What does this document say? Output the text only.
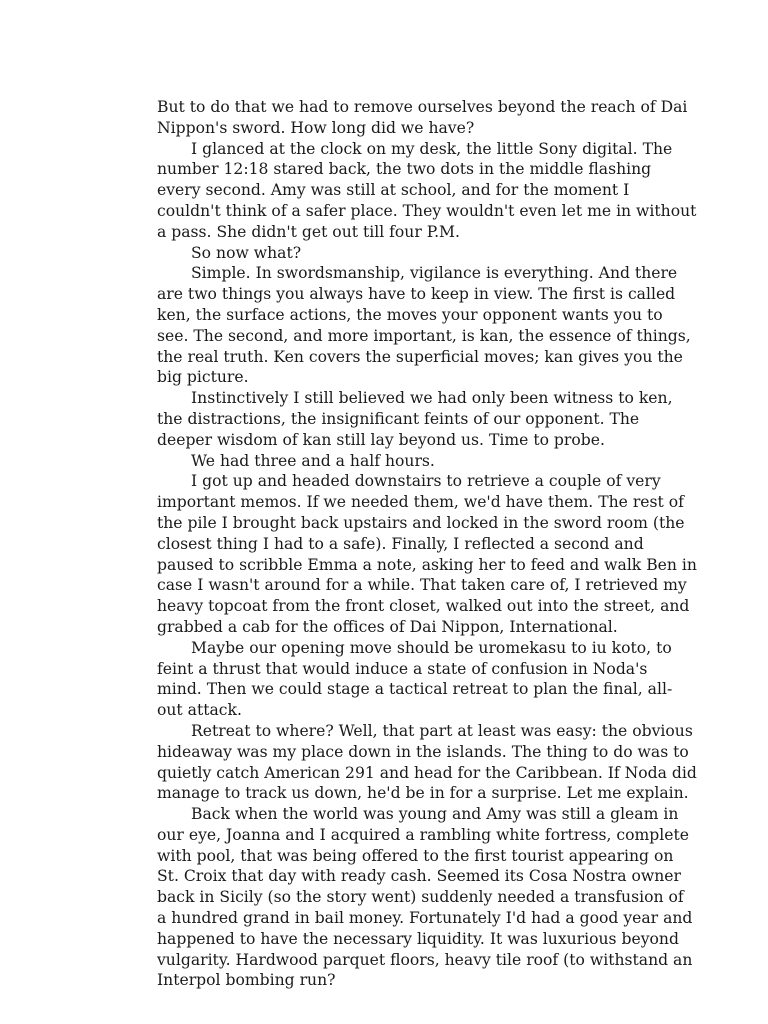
But to do that we had to remove ourselves beyond the reach of Dai Nippon's sword. How long did we have?

I glanced at the clock on my desk, the little Sony digital. The number 12:18 stared back, the two dots in the middle flashing every second. Amy was still at school, and for the moment I couldn't think of a safer place. They wouldn't even let me in without a pass. She didn't get out till four P.M.

So now what?

Simple. In swordsmanship, vigilance is everything. And there are two things you always have to keep in view. The first is called ken, the surface actions, the moves your opponent wants you to see. The second, and more important, is kan, the essence of things, the real truth. Ken covers the superficial moves; kan gives you the big picture.

Instinctively I still believed we had only been witness to ken, the distractions, the insignificant feints of our opponent. The deeper wisdom of kan still lay beyond us. Time to probe.

We had three and a half hours.

I got up and headed downstairs to retrieve a couple of very important memos. If we needed them, we'd have them. The rest of the pile I brought back upstairs and locked in the sword room (the closest thing I had to a safe). Finally, I reflected a second and paused to scribble Emma a note, asking her to feed and walk Ben in case I wasn't around for a while. That taken care of, I retrieved my heavy topcoat from the front closet, walked out into the street, and grabbed a cab for the offices of Dai Nippon, International.

Maybe our opening move should be uromekasu to iu koto, to feint a thrust that would induce a state of confusion in Noda's mind. Then we could stage a tactical retreat to plan the final, all-out attack.

Retreat to where? Well, that part at least was easy: the obvious hideaway was my place down in the islands. The thing to do was to quietly catch American 291 and head for the Caribbean. If Noda did manage to track us down, he'd be in for a surprise. Let me explain.

Back when the world was young and Amy was still a gleam in our eye, Joanna and I acquired a rambling white fortress, complete with pool, that was being offered to the first tourist appearing on St. Croix that day with ready cash. Seemed its Cosa Nostra owner back in Sicily (so the story went) suddenly needed a transfusion of a hundred grand in bail money. Fortunately I'd had a good year and happened to have the necessary liquidity. It was luxurious beyond vulgarity. Hardwood parquet floors, heavy tile roof (to withstand an Interpol bombing run?
